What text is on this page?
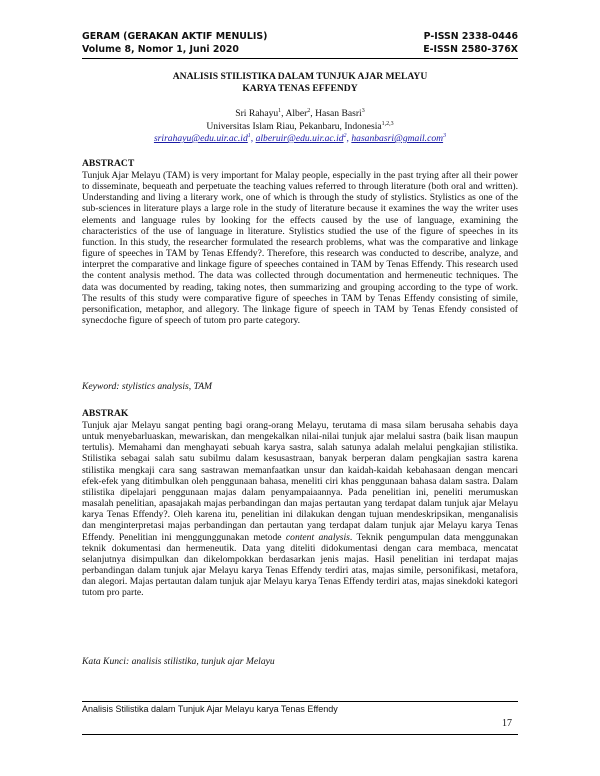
GERAM (GERAKAN AKTIF MENULIS)	P-ISSN 2338-0446
Volume 8, Nomor 1, Juni 2020	E-ISSN 2580-376X
ANALISIS STILISTIKA DALAM TUNJUK AJAR MELAYU
KARYA TENAS EFFENDY
Sri Rahayu$^1$, Alber$^2$, Hasan Basri$^3$
Universitas Islam Riau, Pekanbaru, Indonesia$^{1,2,3}$
$srirahayu@edu.uir.ac.id^1$, $alberuir@edu.uir.ac.id^2$, hasanbasri@gmail.com$^3$
ABSTRACT
Tunjuk Ajar Melayu (TAM) is very important for Malay people, especially in the past trying after all their power to disseminate, bequeath and perpetuate the teaching values referred to through literature (both oral and written). Understanding and living a literary work, one of which is through the study of stylistics. Stylistics as one of the sub-sciences in literature plays a large role in the study of literature because it examines the way the writer uses elements and language rules by looking for the effects caused by the use of language, examining the characteristics of the use of language in literature. Stylistics studied the use of the figure of speeches in its function. In this study, the researcher formulated the research problems, what was the comparative and linkage figure of speeches in TAM by Tenas Effendy?. Therefore, this research was conducted to describe, analyze, and interpret the comparative and linkage figure of speeches contained in TAM by Tenas Effendy. This research used the content analysis method. The data was collected through documentation and hermeneutic techniques. The data was documented by reading, taking notes, then summarizing and grouping according to the type of work. The results of this study were comparative figure of speeches in TAM by Tenas Effendy consisting of simile, personification, metaphor, and allegory. The linkage figure of speech in TAM by Tenas Efendy consisted of synecdoche figure of speech of tutom pro parte category.
Keyword: stylistics analysis, TAM
ABSTRAK
Tunjuk ajar Melayu sangat penting bagi orang-orang Melayu, terutama di masa silam berusaha sehabis daya untuk menyebarluaskan, mewariskan, dan mengekalkan nilai-nilai tunjuk ajar melalui sastra (baik lisan maupun tertulis). Memahami dan menghayati sebuah karya sastra, salah satunya adalah melalui pengkajian stilistika. Stilistika sebagai salah satu subilmu dalam kesusastraan, banyak berperan dalam pengkajian sastra karena stilistika mengkaji cara sang sastrawan memanfaatkan unsur dan kaidah-kaidah kebahasaan dengan mencari efek-efek yang ditimbulkan oleh penggunaan bahasa, meneliti ciri khas penggunaan bahasa dalam sastra. Dalam stilistika dipelajari penggunaan majas dalam penyampaiaannya. Pada penelitian ini, peneliti merumuskan masalah penelitian, apasajakah majas perbandingan dan majas pertautan yang terdapat dalam tunjuk ajar Melayu karya Tenas Effendy?. Oleh karena itu, penelitian ini dilakukan dengan tujuan mendeskripsikan, menganalisis dan menginterpretasi majas perbandingan dan pertautan yang terdapat dalam tunjuk ajar Melayu karya Tenas Effendy. Penelitian ini menggunggunakan metode content analysis. Teknik pengumpulan data menggunakan teknik dokumentasi dan hermeneutik. Data yang diteliti didokumentasi dengan cara membaca, mencatat selanjutnya disimpulkan dan dikelompokkan berdasarkan jenis majas. Hasil penelitian ini terdapat majas perbandingan dalam tunjuk ajar Melayu karya Tenas Effendy terdiri atas, majas simile, personifikasi, metafora, dan alegori. Majas pertautan dalam tunjuk ajar Melayu karya Tenas Effendy terdiri atas, majas sinekdoki kategori tutom pro parte.
Kata Kunci: analisis stilistika, tunjuk ajar Melayu
Analisis Stilistika dalam Tunjuk Ajar Melayu karya Tenas Effendy
17
